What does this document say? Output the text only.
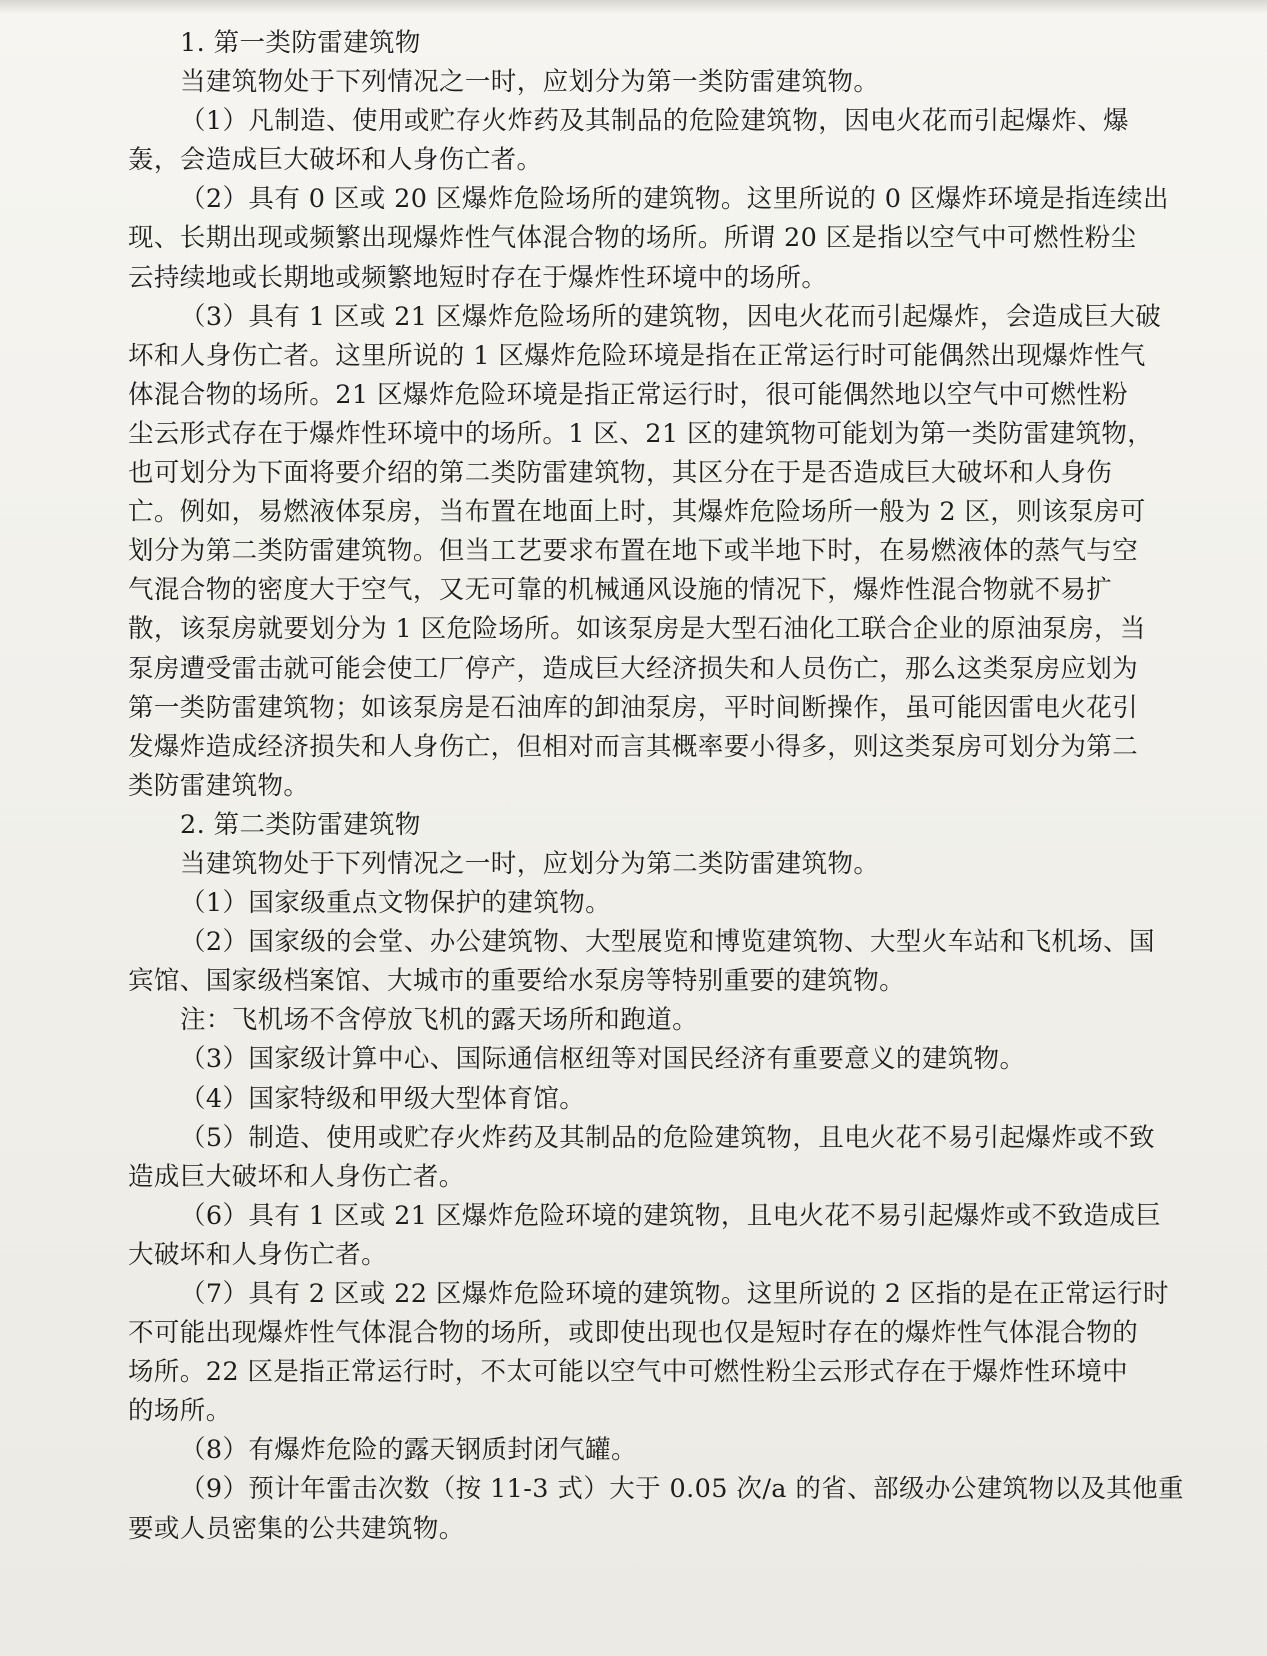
1. 第一类防雷建筑物
当建筑物处于下列情况之一时，应划分为第一类防雷建筑物。
（1）凡制造、使用或贮存火炸药及其制品的危险建筑物，因电火花而引起爆炸、爆
轰，会造成巨大破坏和人身伤亡者。
（2）具有 0 区或 20 区爆炸危险场所的建筑物。这里所说的 0 区爆炸环境是指连续出
现、长期出现或频繁出现爆炸性气体混合物的场所。所谓 20 区是指以空气中可燃性粉尘
云持续地或长期地或频繁地短时存在于爆炸性环境中的场所。
（3）具有 1 区或 21 区爆炸危险场所的建筑物，因电火花而引起爆炸，会造成巨大破
坏和人身伤亡者。这里所说的 1 区爆炸危险环境是指在正常运行时可能偶然出现爆炸性气
体混合物的场所。21 区爆炸危险环境是指正常运行时，很可能偶然地以空气中可燃性粉
尘云形式存在于爆炸性环境中的场所。1 区、21 区的建筑物可能划为第一类防雷建筑物，
也可划分为下面将要介绍的第二类防雷建筑物，其区分在于是否造成巨大破坏和人身伤
亡。例如，易燃液体泵房，当布置在地面上时，其爆炸危险场所一般为 2 区，则该泵房可
划分为第二类防雷建筑物。但当工艺要求布置在地下或半地下时，在易燃液体的蒸气与空
气混合物的密度大于空气，又无可靠的机械通风设施的情况下，爆炸性混合物就不易扩
散，该泵房就要划分为 1 区危险场所。如该泵房是大型石油化工联合企业的原油泵房，当
泵房遭受雷击就可能会使工厂停产，造成巨大经济损失和人员伤亡，那么这类泵房应划为
第一类防雷建筑物；如该泵房是石油库的卸油泵房，平时间断操作，虽可能因雷电火花引
发爆炸造成经济损失和人身伤亡，但相对而言其概率要小得多，则这类泵房可划分为第二
类防雷建筑物。
2. 第二类防雷建筑物
当建筑物处于下列情况之一时，应划分为第二类防雷建筑物。
（1）国家级重点文物保护的建筑物。
（2）国家级的会堂、办公建筑物、大型展览和博览建筑物、大型火车站和飞机场、国
宾馆、国家级档案馆、大城市的重要给水泵房等特别重要的建筑物。
注：飞机场不含停放飞机的露天场所和跑道。
（3）国家级计算中心、国际通信枢纽等对国民经济有重要意义的建筑物。
（4）国家特级和甲级大型体育馆。
（5）制造、使用或贮存火炸药及其制品的危险建筑物，且电火花不易引起爆炸或不致
造成巨大破坏和人身伤亡者。
（6）具有 1 区或 21 区爆炸危险环境的建筑物，且电火花不易引起爆炸或不致造成巨
大破坏和人身伤亡者。
（7）具有 2 区或 22 区爆炸危险环境的建筑物。这里所说的 2 区指的是在正常运行时
不可能出现爆炸性气体混合物的场所，或即使出现也仅是短时存在的爆炸性气体混合物的
场所。22 区是指正常运行时，不太可能以空气中可燃性粉尘云形式存在于爆炸性环境中
的场所。
（8）有爆炸危险的露天钢质封闭气罐。
（9）预计年雷击次数（按 11-3 式）大于 0.05 次/a 的省、部级办公建筑物以及其他重
要或人员密集的公共建筑物。
